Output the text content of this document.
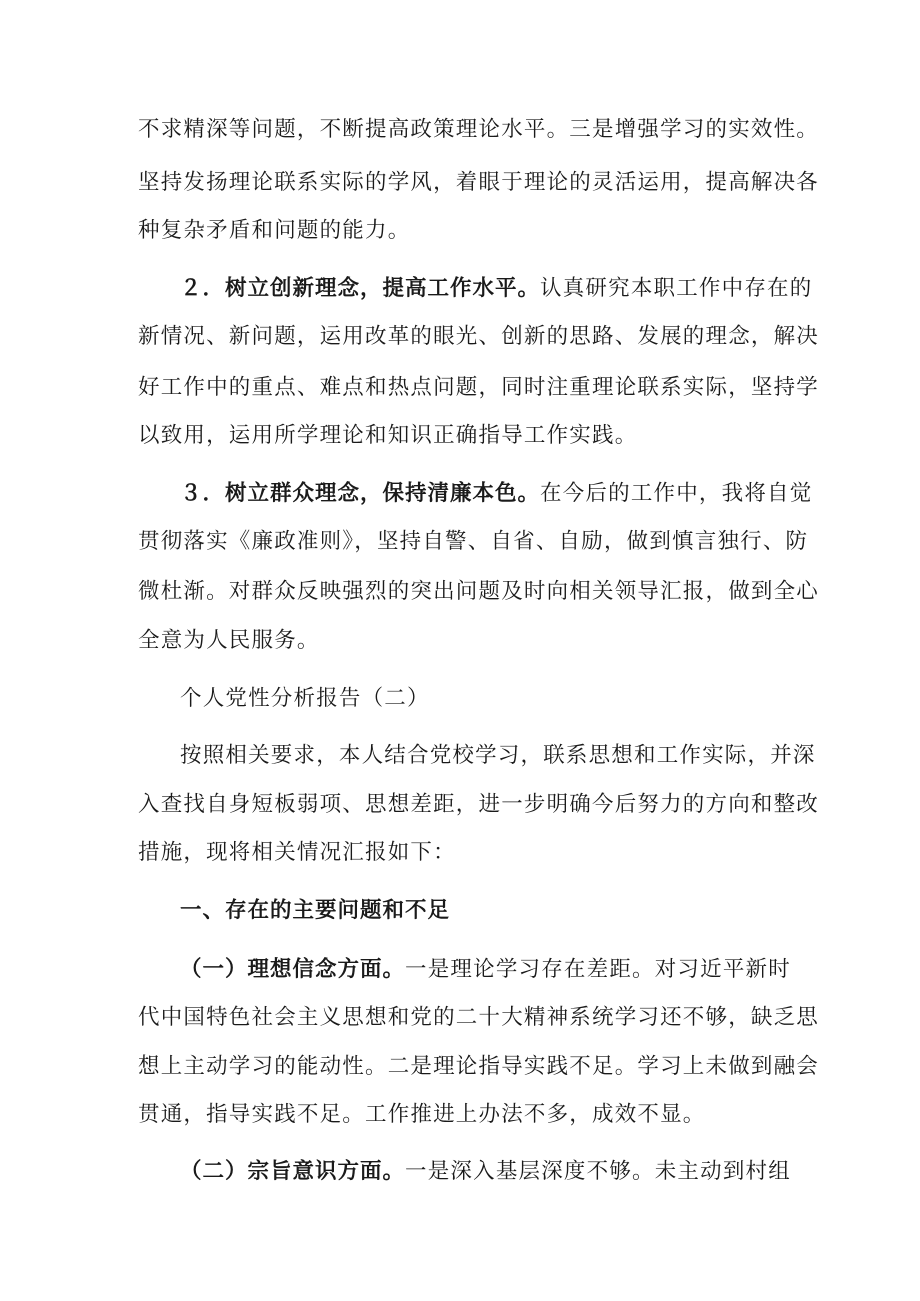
不求精深等问题，不断提高政策理论水平。三是增强学习的实效性。
坚持发扬理论联系实际的学风，着眼于理论的灵活运用，提高解决各
种复杂矛盾和问题的能力。
２．树立创新理念，提高工作水平。认真研究本职工作中存在的
新情况、新问题，运用改革的眼光、创新的思路、发展的理念，解决
好工作中的重点、难点和热点问题，同时注重理论联系实际，坚持学
以致用，运用所学理论和知识正确指导工作实践。
３．树立群众理念，保持清廉本色。在今后的工作中，我将自觉
贯彻落实《廉政准则》，坚持自警、自省、自励，做到慎言独行、防
微杜渐。对群众反映强烈的突出问题及时向相关领导汇报，做到全心
全意为人民服务。
个人党性分析报告（二）
按照相关要求，本人结合党校学习，联系思想和工作实际，并深
入查找自身短板弱项、思想差距，进一步明确今后努力的方向和整改
措施，现将相关情况汇报如下：
一、存在的主要问题和不足
（一）理想信念方面。一是理论学习存在差距。对习近平新时
代中国特色社会主义思想和党的二十大精神系统学习还不够，缺乏思
想上主动学习的能动性。二是理论指导实践不足。学习上未做到融会
贯通，指导实践不足。工作推进上办法不多，成效不显。
（二）宗旨意识方面。一是深入基层深度不够。未主动到村组
